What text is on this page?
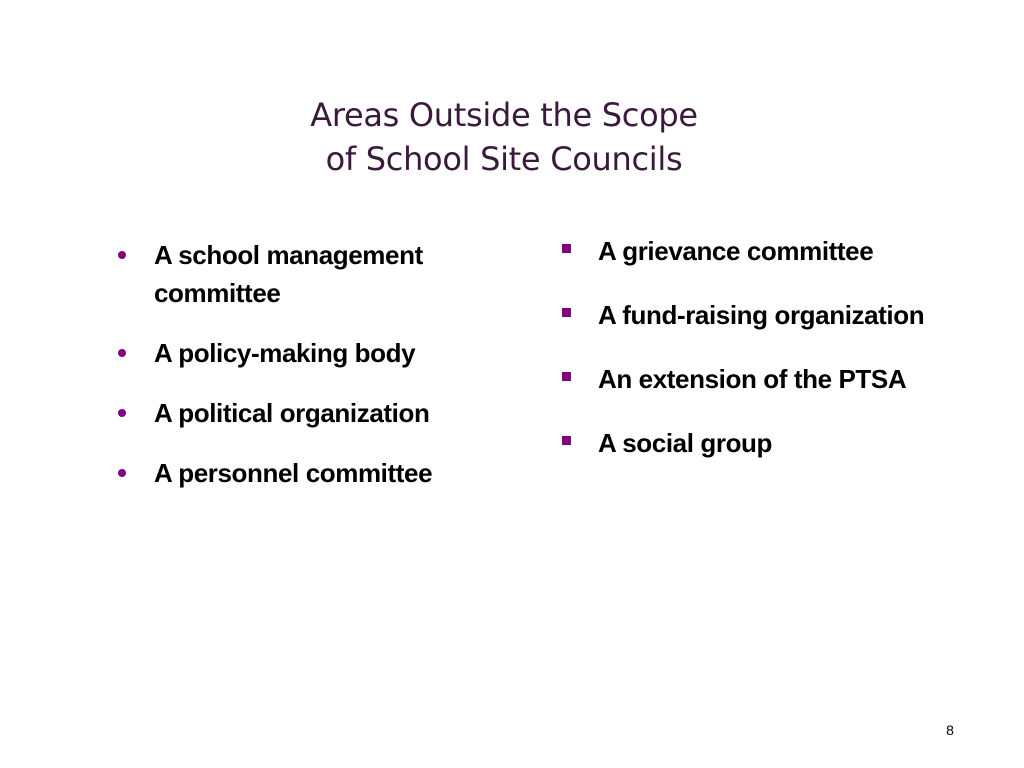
Areas Outside the Scope
of School Site Councils
A school management committee
A policy-making body
A political organization
A personnel committee
A grievance committee
A fund-raising organization
An extension of the PTSA
A social group
8
